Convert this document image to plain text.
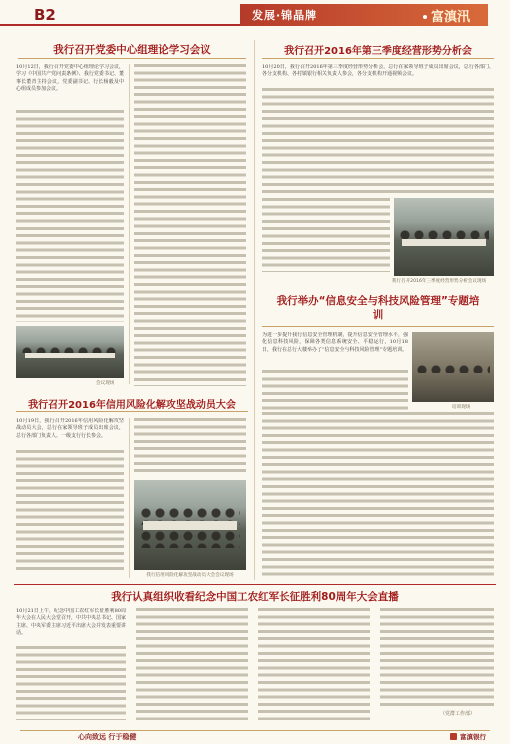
B2	发展·锦晶牌	富滇汛
我行召开党委中心组理论学习会议
10月12日，我行召开党委中心组理论学习会议，学习《中国共产党问责条例》、我行党委书记、董事长董青主持会议，党委副书记、行长杨毅及中心组成员参加会议。
会议现场
我行召开2016年信用风险化解攻坚战动员大会
10月19日，我行召开2016年信用风险化解攻坚战动员大会，总行在家领导班子成员出席会议，总行各部门负责人、一级支行行长参会。
我行信用风险化解攻坚战动员大会会议现场
我行召开2016年第三季度经营形势分析会
10月20日，我行召开2016年第三季度经营形势分析会，总行在家领导班子成员出席会议，总行各部门、各分支机构、各村镇银行相关负责人参会，各分支机构开通视频会议。
我行召开2016年三季度经营形势分析会议现场
我行举办“信息安全与科技风险管理”专题培训
为进一步提升我行信息安全管理机制，提升信息安全管理水平，强化信息科技风险，保障各类信息系统安全、平稳运行，10月18日，我行在总行大楼举办了“信息安全与科技风险管理”专题培训。
培训现场
我行认真组织收看纪念中国工农红军长征胜利80周年大会直播
10月21日上午，纪念中国工农红军长征胜利80周年大会在人民大会堂召开，中共中央总书记、国家主席、中央军委主席习近平出席大会并发表重要讲话。
（党群工作部）
心向致远 行于稳健	富滇银行
